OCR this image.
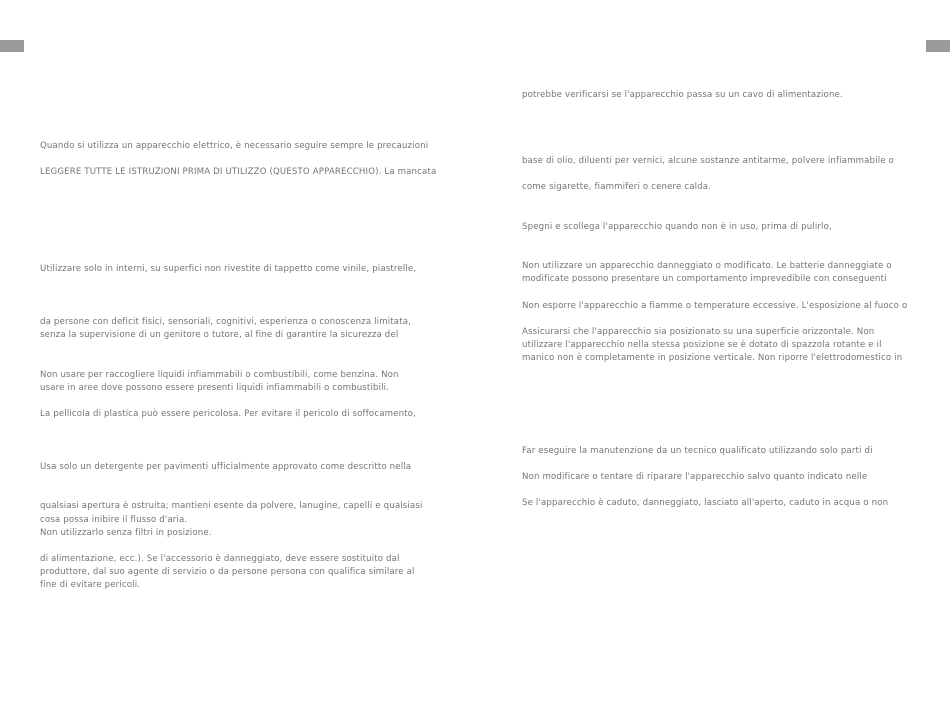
Quando si utilizza un apparecchio elettrico, è necessario seguire sempre le precauzioni
LEGGERE TUTTE LE ISTRUZIONI PRIMA DI UTILIZZO (QUESTO APPARECCHIO). La mancata
Utilizzare solo in interni, su superfici non rivestite di tappetto come vinile, piastrelle,
da persone con deficit fisici, sensoriali, cognitivi, esperienza o conoscenza limitata,
senza la supervisione di un genitore o tutore, al fine di garantire la sicurezza del
Non usare per raccogliere liquidi infiammabili o combustibili, come benzina. Non
usare in aree dove possono essere presenti liquidi infiammabili o combustibili.
La pellicola di plastica può essere pericolosa. Per evitare il pericolo di soffocamento,
Usa solo un detergente per pavimenti ufficialmente approvato come descritto nella
qualsiasi apertura è ostruita; mantieni esente da polvere, lanugine, capelli e qualsiasi
cosa possa inibire il flusso d'aria.
Non utilizzarlo senza filtri in posizione.
di alimentazione, ecc.). Se l'accessorio è danneggiato, deve essere sostituito dal
produttore, dal suo agente di servizio o da persone persona con qualifica similare al
fine di evitare pericoli.
potrebbe verificarsi se l'apparecchio passa su un cavo di alimentazione.
base di olio, diluenti per vernici, alcune sostanze antitarme, polvere infiammabile o
come sigarette, fiammiferi o cenere calda.
Spegni e scollega l'apparecchio quando non è in uso, prima di pulirlo,
Non utilizzare un apparecchio danneggiato o modificato. Le batterie danneggiate o
modificate possono presentare un comportamento imprevedibile con conseguenti
Non esporre l'apparecchio a fiamme o temperature eccessive. L'esposizione al fuoco o
Assicurarsi che l'apparecchio sia posizionato su una superficie orizzontale. Non
utilizzare l'apparecchio nella stessa posizione se è dotato di spazzola rotante e il
manico non è completamente in posizione verticale. Non riporre l'elettrodomestico in
Far eseguire la manutenzione da un tecnico qualificato utilizzando solo parti di
Non modificare o tentare di riparare l'apparecchio salvo quanto indicato nelle
Se l'apparecchio è caduto, danneggiato, lasciato all'aperto, caduto in acqua o non
